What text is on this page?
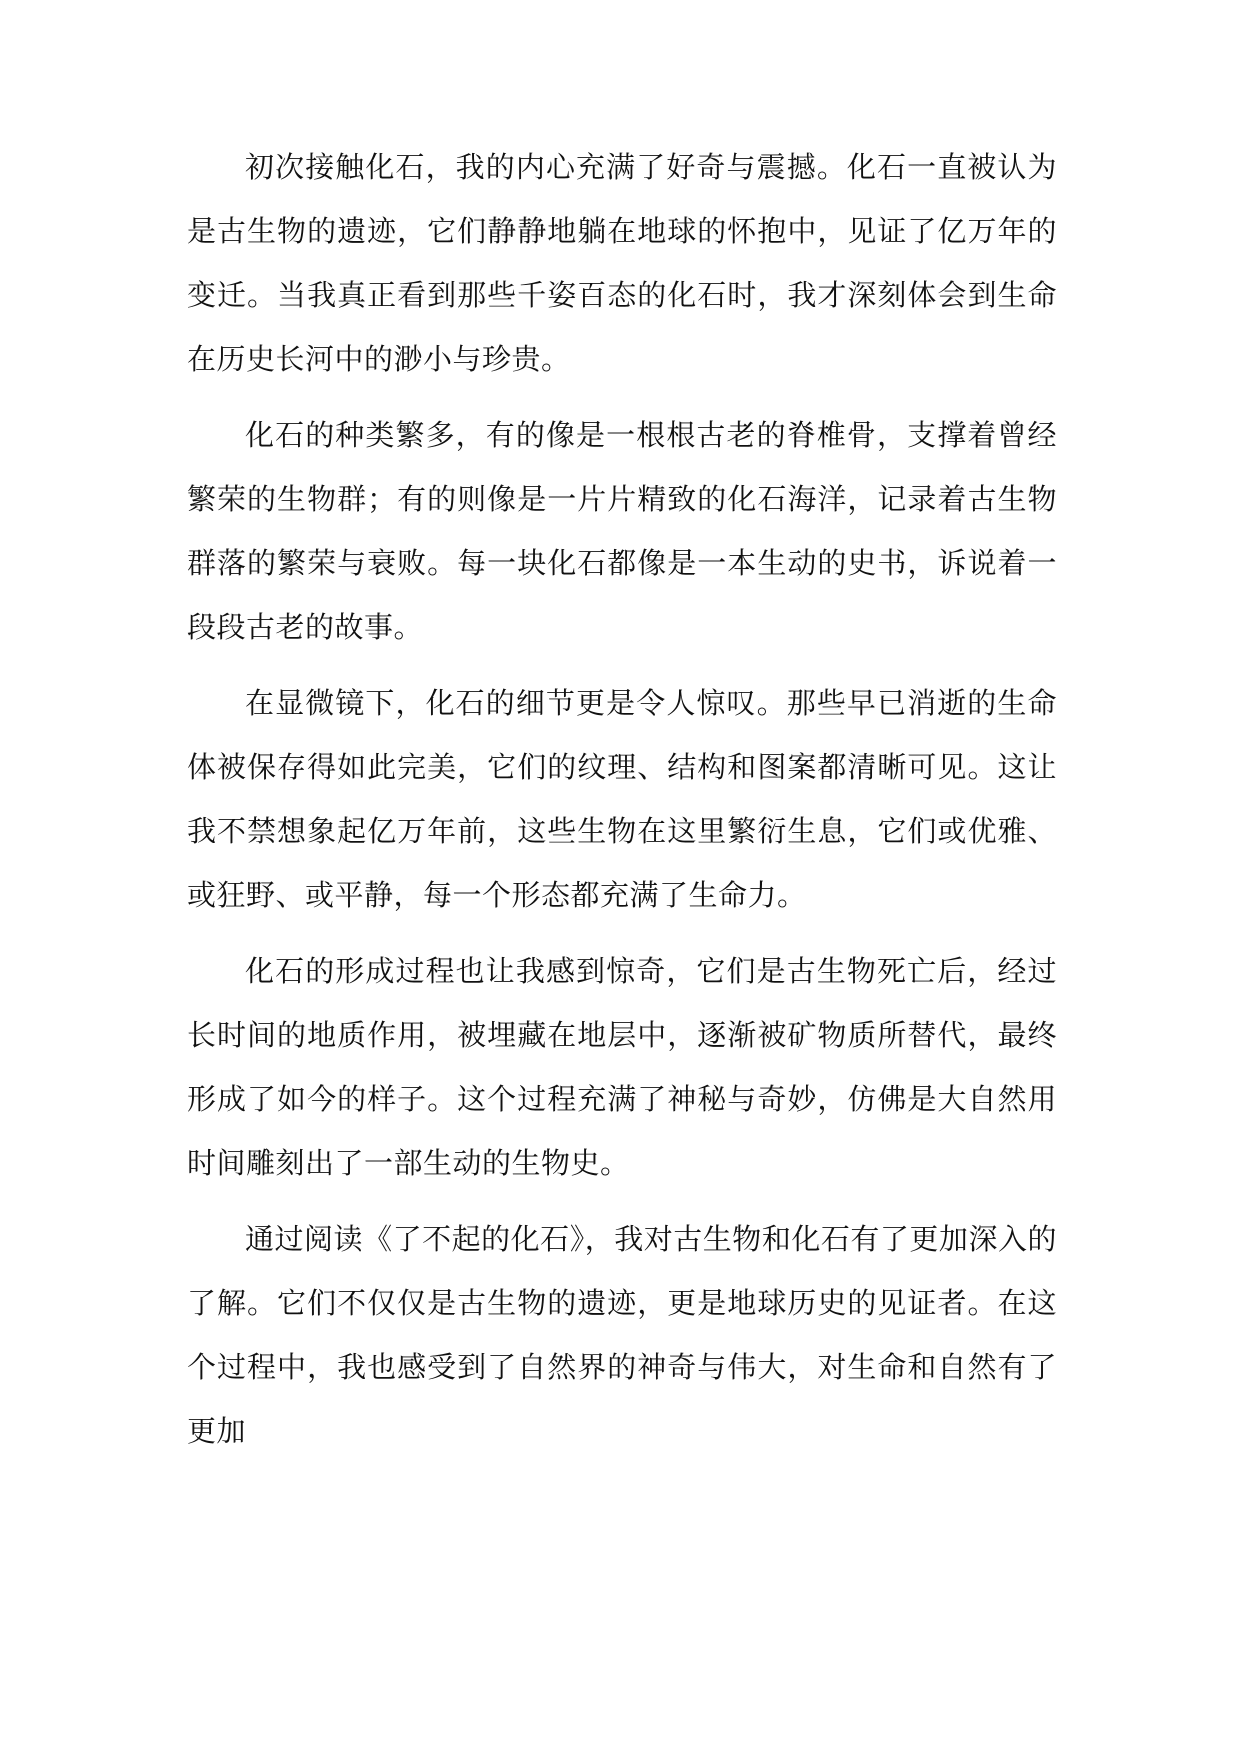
初次接触化石，我的内心充满了好奇与震撼。化石一直被认为是古生物的遗迹，它们静静地躺在地球的怀抱中，见证了亿万年的变迁。当我真正看到那些千姿百态的化石时，我才深刻体会到生命在历史长河中的渺小与珍贵。

化石的种类繁多，有的像是一根根古老的脊椎骨，支撑着曾经繁荣的生物群；有的则像是一片片精致的化石海洋，记录着古生物群落的繁荣与衰败。每一块化石都像是一本生动的史书，诉说着一段段古老的故事。

在显微镜下，化石的细节更是令人惊叹。那些早已消逝的生命体被保存得如此完美，它们的纹理、结构和图案都清晰可见。这让我不禁想象起亿万年前，这些生物在这里繁衍生息，它们或优雅、或狂野、或平静，每一个形态都充满了生命力。

化石的形成过程也让我感到惊奇，它们是古生物死亡后，经过长时间的地质作用，被埋藏在地层中，逐渐被矿物质所替代，最终形成了如今的样子。这个过程充满了神秘与奇妙，仿佛是大自然用时间雕刻出了一部生动的生物史。

通过阅读《了不起的化石》，我对古生物和化石有了更加深入的了解。它们不仅仅是古生物的遗迹，更是地球历史的见证者。在这个过程中，我也感受到了自然界的神奇与伟大，对生命和自然有了更加
